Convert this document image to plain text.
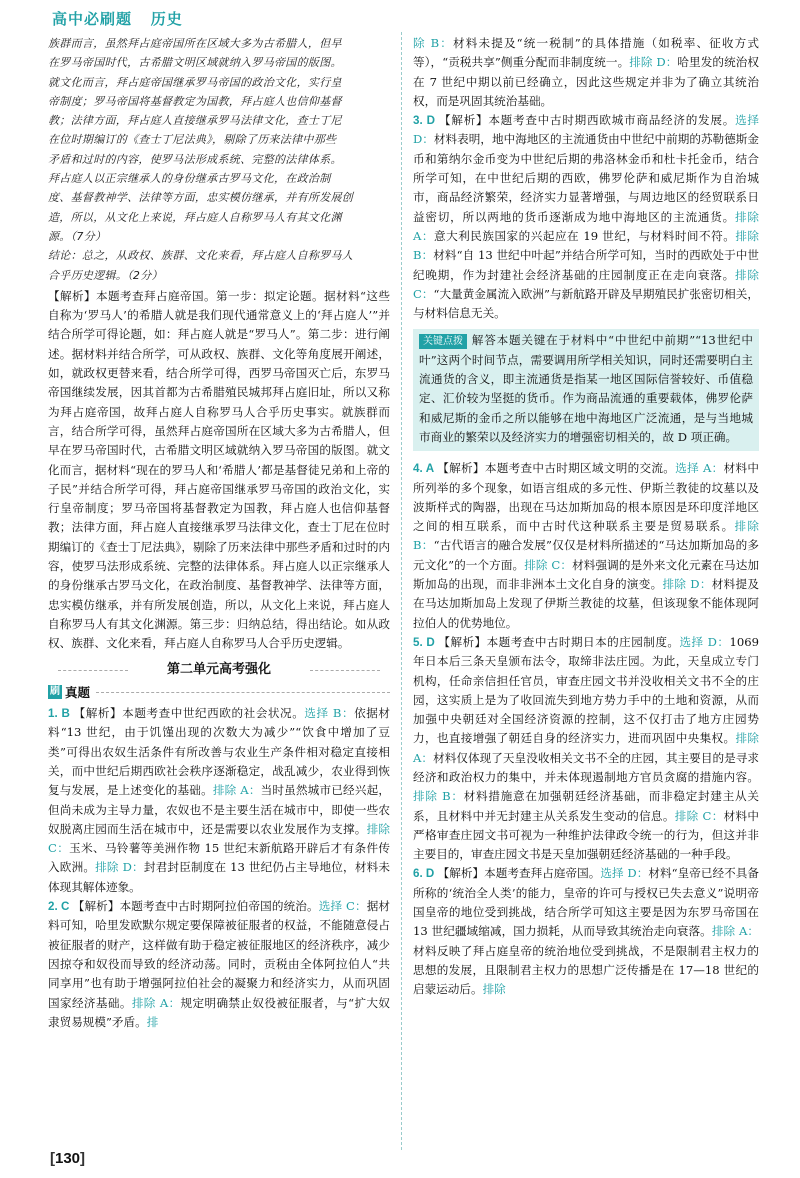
高中必刷题 历史
族群而言，虽然拜占庭帝国所在区域大多为古希腊人，但早
在罗马帝国时代，古希腊文明区域就纳入罗马帝国的版图。
就文化而言，拜占庭帝国继承罗马帝国的政治文化，实行皇
帝制度；罗马帝国将基督教定为国教，拜占庭人也信仰基督
教；法律方面，拜占庭人直接继承罗马法律文化，查士丁尼
在位时期编订的《查士丁尼法典》，剔除了历来法律中那些
矛盾和过时的内容，使罗马法形成系统、完整的法律体系。
拜占庭人以正宗继承人的身份继承古罗马文化，在政治制
度、基督教神学、法律等方面，忠实模仿继承，并有所发展创
造，所以，从文化上来说，拜占庭人自称罗马人有其文化渊
源。（7分）
结论：总之，从政权、族群、文化来看，拜占庭人自称罗马人
合乎历史逻辑。（2分）

【解析】本题考查拜占庭帝国。第一步：拟定论题。据材料“这些自称为‘罗马人’的希腊人就是我们现代通常意义上的‘拜占庭人’”并结合所学可得论题，如：拜占庭人就是“罗马人”。第二步：进行阐述。据材料并结合所学，可从政权、族群、文化等角度展开阐述，如，就政权更替来看，结合所学可得，西罗马帝国灭亡后，东罗马帝国继续发展，因其首都为古希腊殖民城邦拜占庭旧址，所以又称为拜占庭帝国，故拜占庭人自称罗马人合乎历史事实。就族群而言，结合所学可得，虽然拜占庭帝国所在区域大多为古希腊人，但早在罗马帝国时代，古希腊文明区域就纳入罗马帝国的版图。就文化而言，据材料“现在的罗马人和‘希腊人’都是基督徒兄弟和上帝的子民”并结合所学可得，拜占庭帝国继承罗马帝国的政治文化，实行皇帝制度；罗马帝国将基督教定为国教，拜占庭人也信仰基督教；法律方面，拜占庭人直接继承罗马法律文化，查士丁尼在位时期编订的《查士丁尼法典》，剔除了历来法律中那些矛盾和过时的内容，使罗马法形成系统、完整的法律体系。拜占庭人以正宗继承人的身份继承古罗马文化，在政治制度、基督教神学、法律等方面，忠实模仿继承，并有所发展创造，所以，从文化上来说，拜占庭人自称罗马人有其文化渊源。第三步：归纳总结，得出结论。如从政权、族群、文化来看，拜占庭人自称罗马人合乎历史逻辑。

第二单元高考强化
刷 真题

1. B 【解析】本题考查中世纪西欧的社会状况。选择 B：依据材料“13 世纪，由于饥馑出现的次数大为减少”“饮食中增加了豆类”可得出农奴生活条件有所改善与农业生产条件相对稳定直接相关，而中世纪后期西欧社会秩序逐渐稳定，战乱减少，农业得到恢复与发展，是上述变化的基础。排除 A：当时虽然城市已经兴起，但尚未成为主导力量，农奴也不是主要生活在城市中，即使一些农奴脱离庄园而生活在城市中，还是需要以农业发展作为支撑。排除 C：玉米、马铃薯等美洲作物 15 世纪末新航路开辟后才有条件传入欧洲。排除 D：封君封臣制度在 13 世纪仍占主导地位，材料未体现其解体迹象。

2. C 【解析】本题考查中古时期阿拉伯帝国的统治。选择 C：据材料可知，哈里发欧默尔规定要保障被征服者的权益，不能随意侵占被征服者的财产，这样做有助于稳定被征服地区的经济秩序，减少因掠夺和奴役而导致的经济动荡。同时，贡税由全体阿拉伯人“共同享用”也有助于增强阿拉伯社会的凝聚力和经济实力，从而巩固国家经济基础。排除 A：规定明确禁止奴役被征服者，与“扩大奴隶贸易规模”矛盾。排

除 B：材料未提及“统一税制”的具体措施（如税率、征收方式等），“贡税共享”侧重分配而非制度统一。排除 D：哈里发的统治权在 7 世纪中期以前已经确立，因此这些规定并非为了确立其统治权，而是巩固其统治基础。

3. D 【解析】本题考查中古时期西欧城市商品经济的发展。选择 D：材料表明，地中海地区的主流通货由中世纪中前期的苏勒德斯金币和第纳尔金币变为中世纪后期的弗洛林金币和杜卡托金币，结合所学可知，在中世纪后期的西欧，佛罗伦萨和威尼斯作为自治城市，商品经济繁荣，经济实力显著增强，与周边地区的经贸联系日益密切，所以两地的货币逐渐成为地中海地区的主流通货。排除 A：意大利民族国家的兴起应在 19 世纪，与材料时间不符。排除 B：材料“自 13 世纪中叶起”并结合所学可知，当时的西欧处于中世纪晚期，作为封建社会经济基础的庄园制度正在走向衰落。排除 C：“大量黄金属流入欧洲”与新航路开辟及早期殖民扩张密切相关，与材料信息无关。

关键点拨 解答本题关键在于材料中“中世纪中前期”“13世纪中叶”这两个时间节点，需要调用所学相关知识，同时还需要明白主流通货的含义，即主流通货是指某一地区国际信誉较好、币值稳定、汇价较为坚挺的货币。作为商品流通的重要载体，佛罗伦萨和威尼斯的金币之所以能够在地中海地区广泛流通，是与当地城市商业的繁荣以及经济实力的增强密切相关的，故 D 项正确。

4. A 【解析】本题考查中古时期区域文明的交流。选择 A：材料中所列举的多个现象，如语言组成的多元性、伊斯兰教徒的坟墓以及波斯样式的陶器，出现在马达加斯加岛的根本原因是环印度洋地区之间的相互联系，而中古时代这种联系主要是贸易联系。排除 B：“古代语言的融合发展”仅仅是材料所描述的“马达加斯加岛的多元文化”的一个方面。排除 C：材料强调的是外来文化元素在马达加斯加岛的出现，而非非洲本土文化自身的演变。排除 D：材料提及在马达加斯加岛上发现了伊斯兰教徒的坟墓，但该现象不能体现阿拉伯人的优势地位。

5. D 【解析】本题考查中古时期日本的庄园制度。选择 D：1069 年日本后三条天皇颁布法令，取缔非法庄园。为此，天皇成立专门机构，任命亲信担任官员，审查庄园文书并没收相关文书不全的庄园，这实质上是为了收回流失到地方势力手中的土地和资源，从而加强中央朝廷对全国经济资源的控制，这不仅打击了地方庄园势力，也直接增强了朝廷自身的经济实力，进而巩固中央集权。排除 A：材料仅体现了天皇没收相关文书不全的庄园，其主要目的是寻求经济和政治权力的集中，并未体现遏制地方官员贪腐的措施内容。排除 B：材料措施意在加强朝廷经济基础，而非稳定封建主从关系，且材料中并无封建主从关系发生变动的信息。排除 C：材料中严格审查庄园文书可视为一种维护法律政令统一的行为，但这并非主要目的，审查庄园文书是天皇加强朝廷经济基础的一种手段。

6. D 【解析】本题考查拜占庭帝国。选择 D：材料“皇帝已经不具备所称的‘统治全人类’的能力，皇帝的许可与授权已失去意义”说明帝国皇帝的地位受到挑战，结合所学可知这主要是因为东罗马帝国在 13 世纪疆域缩减，国力损耗，从而导致其统治走向衰落。排除 A：材料反映了拜占庭皇帝的统治地位受到挑战，不是限制君主权力的思想的发展，且限制君主权力的思想广泛传播是在 17—18 世纪的启蒙运动后。排除

[130]
